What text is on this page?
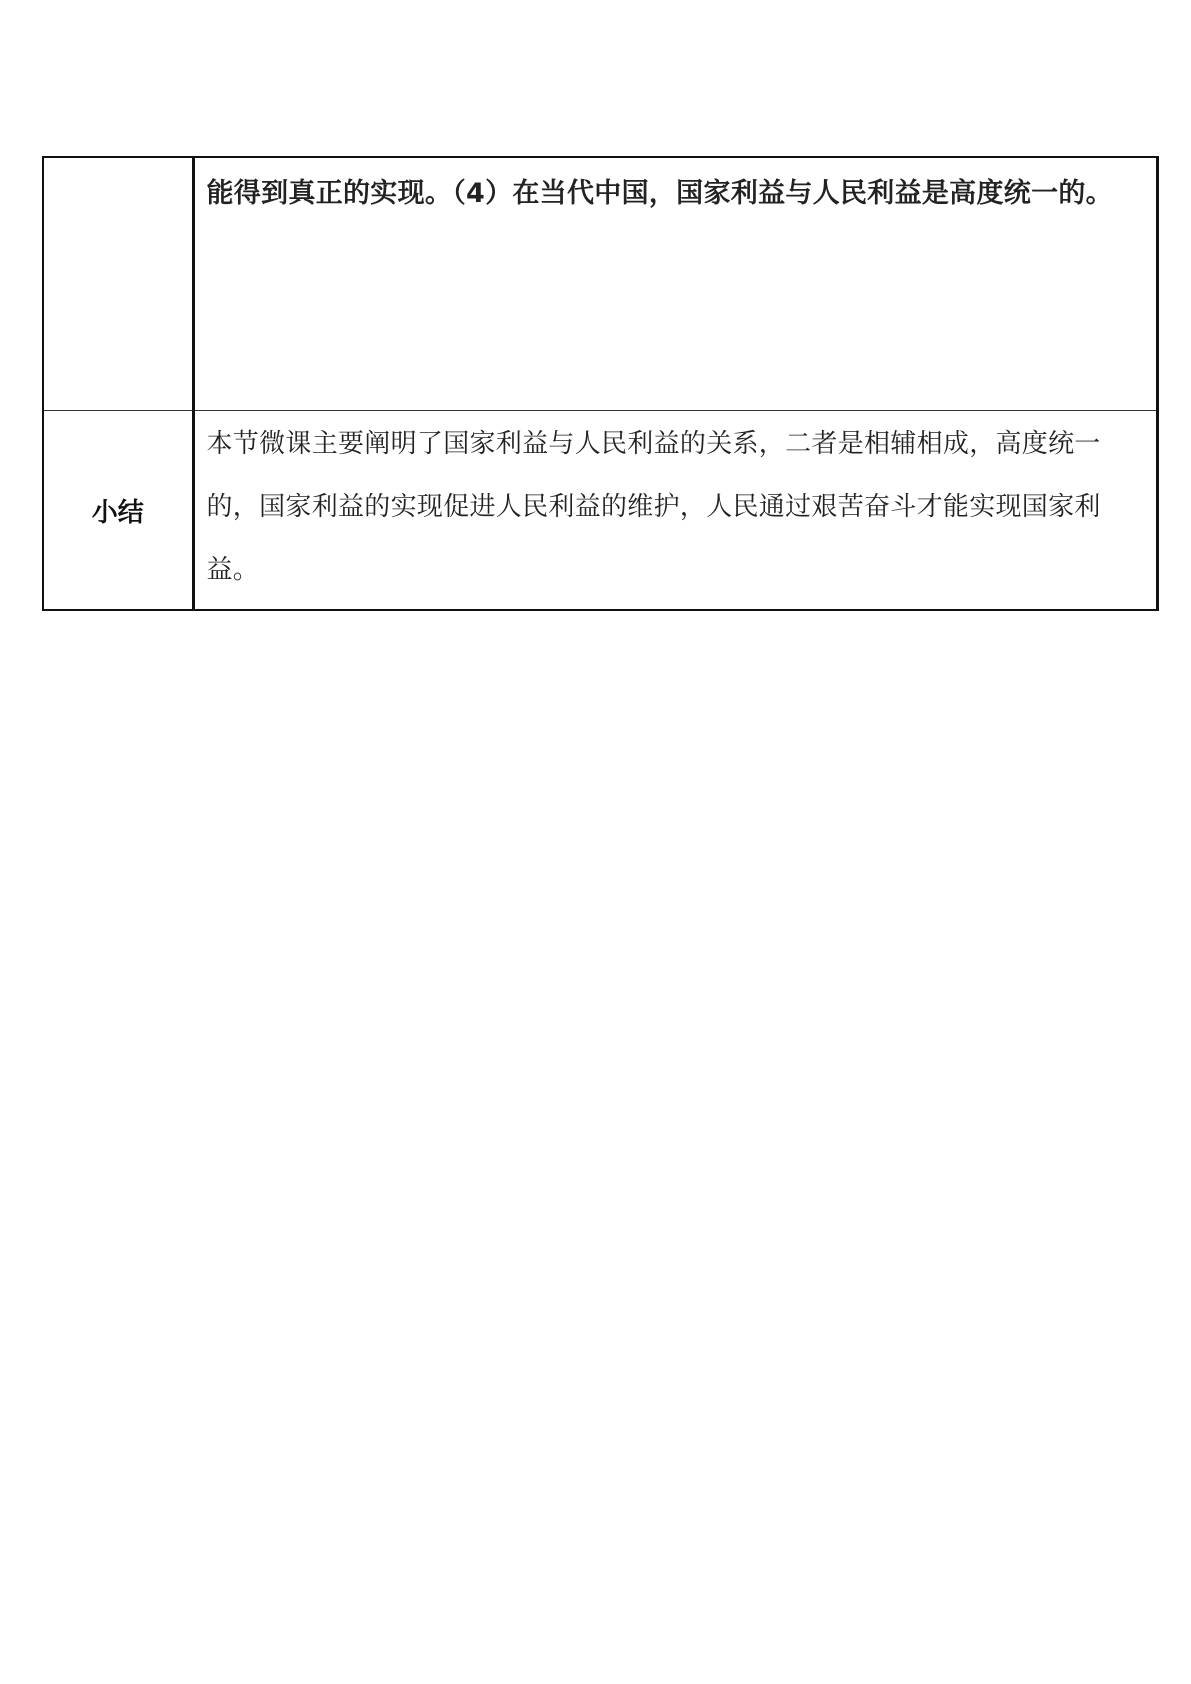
	能得到真正的实现。（4）在当代中国，国家利益与人民利益是高度统一的。

小结	本节微课主要阐明了国家利益与人民利益的关系，二者是相辅相成，高度统一的，国家利益的实现促进人民利益的维护，人民通过艰苦奋斗才能实现国家利益。
